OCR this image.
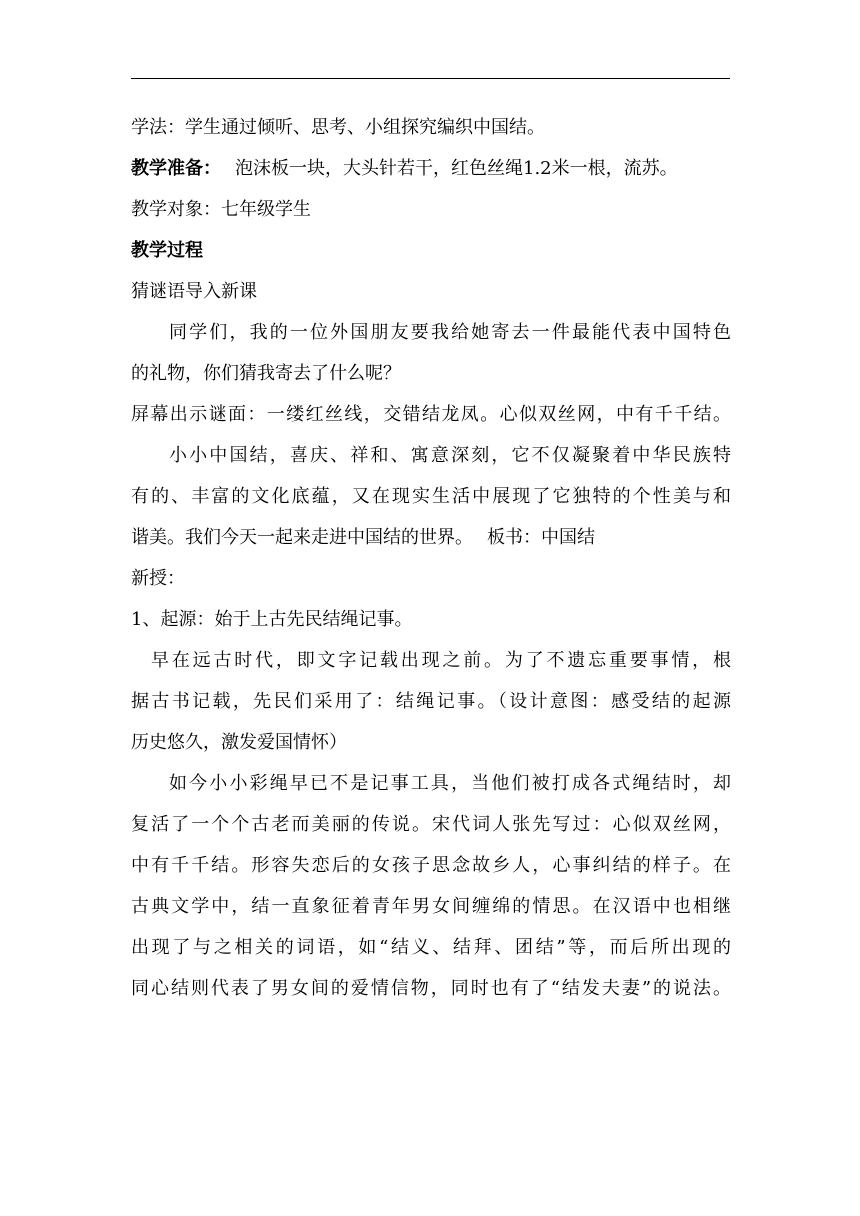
学法：学生通过倾听、思考、小组探究编织中国结。
教学准备： 泡沫板一块，大头针若干，红色丝绳1.2米一根，流苏。
教学对象：七年级学生
教学过程
猜谜语导入新课
同学们，我的一位外国朋友要我给她寄去一件最能代表中国特色
的礼物，你们猜我寄去了什么呢？
屏幕出示谜面：一缕红丝线，交错结龙凤。心似双丝网，中有千千结。
小小中国结，喜庆、祥和、寓意深刻，它不仅凝聚着中华民族特
有的、丰富的文化底蕴，又在现实生活中展现了它独特的个性美与和
谐美。我们今天一起来走进中国结的世界。 板书：中国结
新授：
1、起源：始于上古先民结绳记事。
早在远古时代，即文字记载出现之前。为了不遗忘重要事情，根
据古书记载，先民们采用了：结绳记事。（设计意图：感受结的起源
历史悠久，激发爱国情怀）
如今小小彩绳早已不是记事工具，当他们被打成各式绳结时，却
复活了一个个古老而美丽的传说。宋代词人张先写过：心似双丝网，
中有千千结。形容失恋后的女孩子思念故乡人，心事纠结的样子。在
古典文学中，结一直象征着青年男女间缠绵的情思。在汉语中也相继
出现了与之相关的词语，如“结义、结拜、团结”等，而后所出现的
同心结则代表了男女间的爱情信物，同时也有了“结发夫妻”的说法。
